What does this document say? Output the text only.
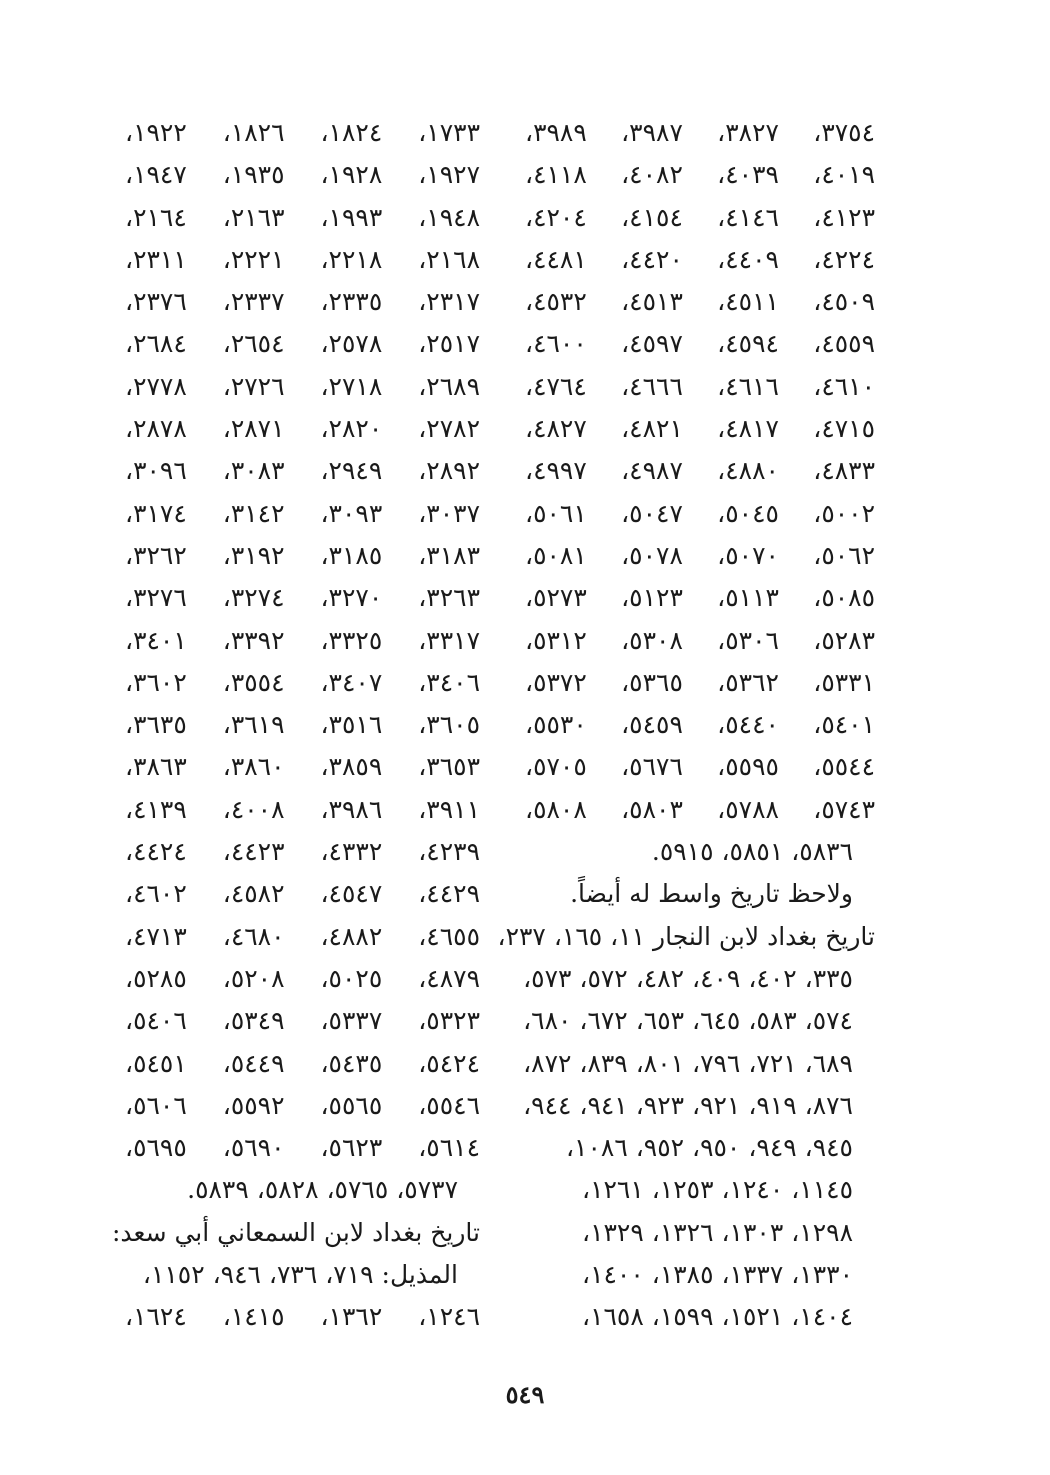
٣٧٥٤، ٣٨٢٧، ٣٩٨٧، ٣٩٨٩،
٤٠١٩، ٤٠٣٩، ٤٠٨٢، ٤١١٨،
٤١٢٣، ٤١٤٦، ٤١٥٤، ٤٢٠٤،
٤٢٢٤، ٤٤٠٩، ٤٤٢٠، ٤٤٨١،
٤٥٠٩، ٤٥١١، ٤٥١٣، ٤٥٣٢،
٤٥٥٩، ٤٥٩٤، ٤٥٩٧، ٤٦٠٠،
٤٦١٠، ٤٦١٦، ٤٦٦٦، ٤٧٦٤،
٤٧١٥، ٤٨١٧، ٤٨٢١، ٤٨٢٧،
٤٨٣٣، ٤٨٨٠، ٤٩٨٧، ٤٩٩٧،
٥٠٠٢، ٥٠٤٥، ٥٠٤٧، ٥٠٦١،
٥٠٦٢، ٥٠٧٠، ٥٠٧٨، ٥٠٨١،
٥٠٨٥، ٥١١٣، ٥١٢٣، ٥٢٧٣،
٥٢٨٣، ٥٣٠٦، ٥٣٠٨، ٥٣١٢،
٥٣٣١، ٥٣٦٢، ٥٣٦٥، ٥٣٧٢،
٥٤٠١، ٥٤٤٠، ٥٤٥٩، ٥٥٣٠،
٥٥٤٤، ٥٥٩٥، ٥٦٧٦، ٥٧٠٥،
٥٧٤٣، ٥٧٨٨، ٥٨٠٣، ٥٨٠٨،
٥٨٣٦، ٥٨٥١، ٥٩١٥.
ولاحظ تاريخ واسط له أيضاً.
تاريخ بغداد لابن النجار ١١، ١٦٥، ٢٣٧،
٣٣٥، ٤٠٢، ٤٠٩، ٤٨٢، ٥٧٢، ٥٧٣،
٥٧٤، ٥٨٣، ٦٤٥، ٦٥٣، ٦٧٢، ٦٨٠،
٦٨٩، ٧٢١، ٧٩٦، ٨٠١، ٨٣٩، ٨٧٢،
٨٧٦، ٩١٩، ٩٢١، ٩٢٣، ٩٤١، ٩٤٤،
٩٤٥، ٩٤٩، ٩٥٠، ٩٥٢، ١٠٨٦،
١١٤٥، ١٢٤٠، ١٢٥٣، ١٢٦١،
١٢٩٨، ١٣٠٣، ١٣٢٦، ١٣٢٩،
١٣٣٠، ١٣٣٧، ١٣٨٥، ١٤٠٠،
١٤٠٤، ١٥٢١، ١٥٩٩، ١٦٥٨،
١٧٣٣، ١٨٢٤، ١٨٢٦، ١٩٢٢،
١٩٢٧، ١٩٢٨، ١٩٣٥، ١٩٤٧،
١٩٤٨، ١٩٩٣، ٢١٦٣، ٢١٦٤،
٢١٦٨، ٢٢١٨، ٢٢٢١، ٢٣١١،
٢٣١٧، ٢٣٣٥، ٢٣٣٧، ٢٣٧٦،
٢٥١٧، ٢٥٧٨، ٢٦٥٤، ٢٦٨٤،
٢٦٨٩، ٢٧١٨، ٢٧٢٦، ٢٧٧٨،
٢٧٨٢، ٢٨٢٠، ٢٨٧١، ٢٨٧٨،
٢٨٩٢، ٢٩٤٩، ٣٠٨٣، ٣٠٩٦،
٣٠٣٧، ٣٠٩٣، ٣١٤٢، ٣١٧٤،
٣١٨٣، ٣١٨٥، ٣١٩٢، ٣٢٦٢،
٣٢٦٣، ٣٢٧٠، ٣٢٧٤، ٣٢٧٦،
٣٣١٧، ٣٣٢٥، ٣٣٩٢، ٣٤٠١،
٣٤٠٦، ٣٤٠٧، ٣٥٥٤، ٣٦٠٢،
٣٦٠٥، ٣٥١٦، ٣٦١٩، ٣٦٣٥،
٣٦٥٣، ٣٨٥٩، ٣٨٦٠، ٣٨٦٣،
٣٩١١، ٣٩٨٦، ٤٠٠٨، ٤١٣٩،
٤٢٣٩، ٤٣٣٢، ٤٤٢٣، ٤٤٢٤،
٤٤٢٩، ٤٥٤٧، ٤٥٨٢، ٤٦٠٢،
٤٦٥٥، ٤٨٨٢، ٤٦٨٠، ٤٧١٣،
٤٨٧٩، ٥٠٢٥، ٥٢٠٨، ٥٢٨٥،
٥٣٢٣، ٥٣٣٧، ٥٣٤٩، ٥٤٠٦،
٥٤٢٤، ٥٤٣٥، ٥٤٤٩، ٥٤٥١،
٥٥٤٦، ٥٥٦٥، ٥٥٩٢، ٥٦٠٦،
٥٦١٤، ٥٦٢٣، ٥٦٩٠، ٥٦٩٥،
٥٧٣٧، ٥٧٦٥، ٥٨٢٨، ٥٨٣٩.
تاريخ بغداد لابن السمعاني أبي سعد:
المذيل: ٧١٩، ٧٣٦، ٩٤٦، ١١٥٢،
١٢٤٦، ١٣٦٢، ١٤١٥، ١٦٢٤،
٥٤٩
